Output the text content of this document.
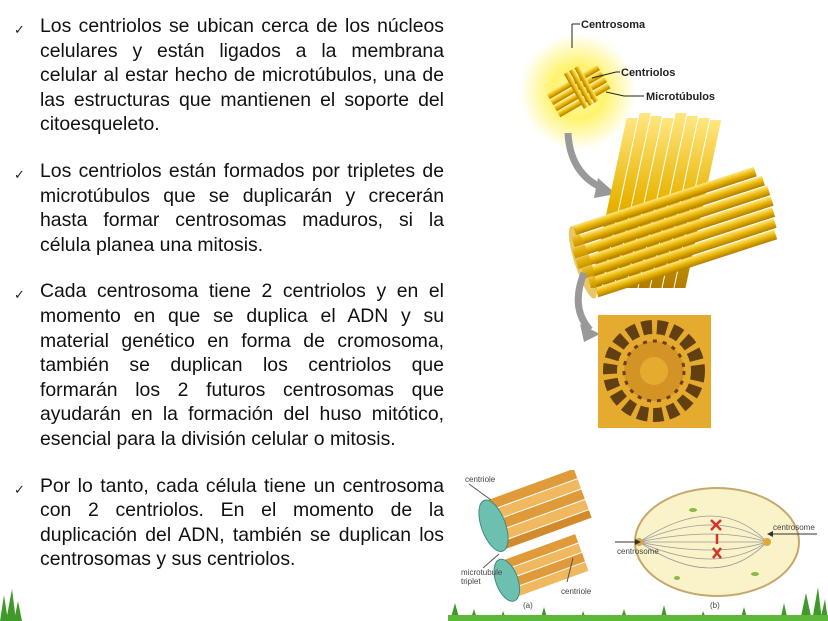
✓ Los centriolos se ubican cerca de los núcleos celulares y están ligados a la membrana celular al estar hecho de microtúbulos, una de las estructuras que mantienen el soporte del citoesqueleto.
✓ Los centriolos están formados por tripletes de microtúbulos que se duplicarán y crecerán hasta formar centrosomas maduros, si la célula planea una mitosis.
✓ Cada centrosoma tiene 2 centriolos y en el momento en que se duplica el ADN y su material genético en forma de cromosoma, también se duplican los centriolos que formarán los 2 futuros centrosomas que ayudarán en la formación del huso mitótico, esencial para la división celular o mitosis.
✓ Por lo tanto, cada célula tiene un centrosoma con 2 centriolos. En el momento de la duplicación del ADN, también se duplican los centrosomas y sus centriolos.
Centrosoma
Centriolos
Microtúbulos
centriole
microtubule
triplet
centriole
(a)
centrosome
centrosome
(b)
